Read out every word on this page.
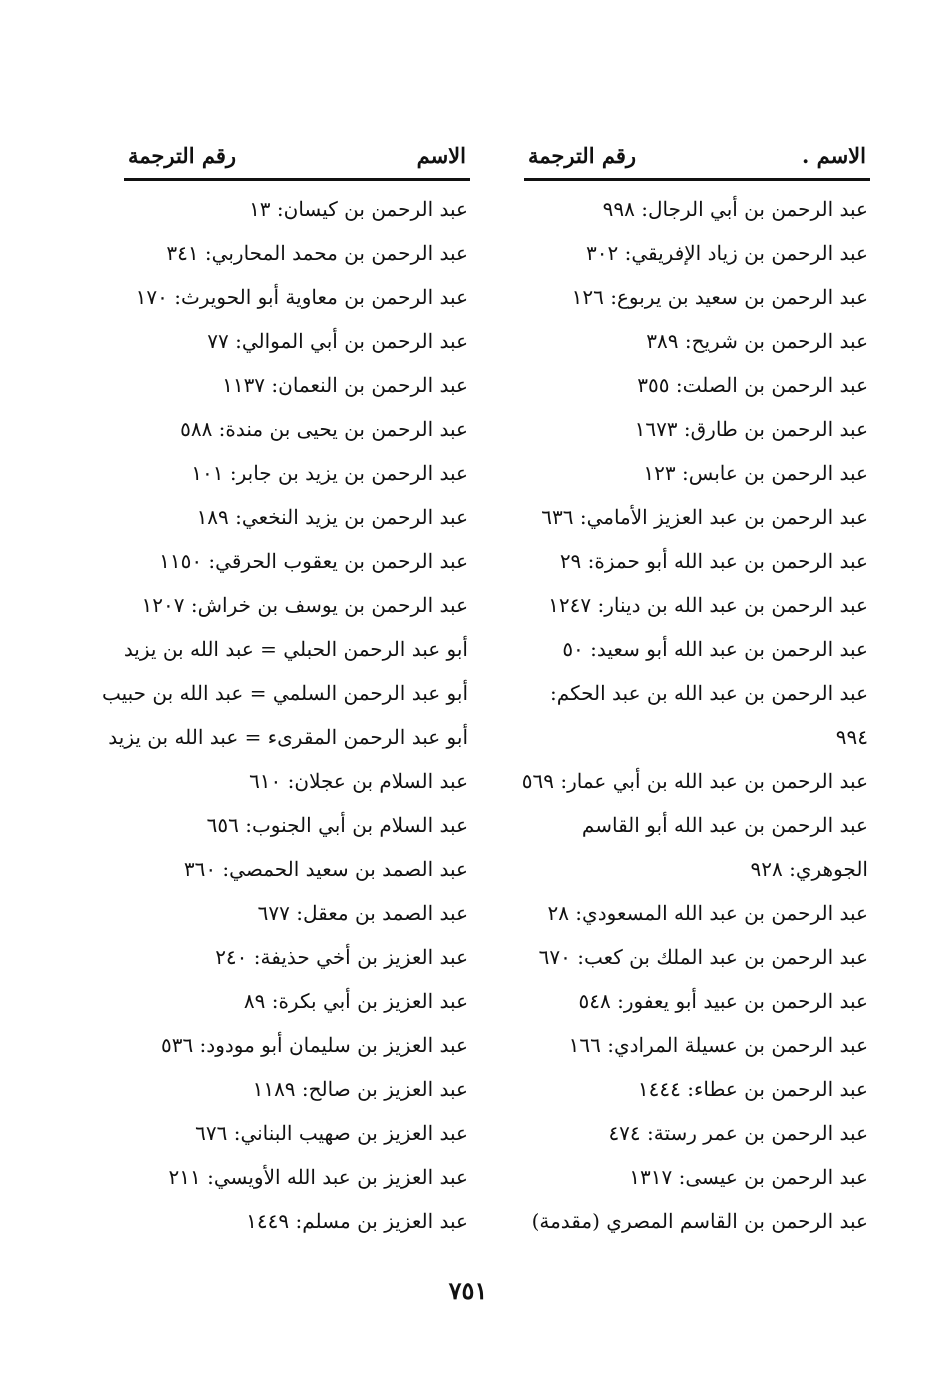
الاسم .
رقم الترجمة
عبد الرحمن بن أبي الرجال: ٩٩٨
عبد الرحمن بن زياد الإفريقي: ٣٠٢
عبد الرحمن بن سعيد بن يربوع: ١٢٦
عبد الرحمن بن شريح: ٣٨٩
عبد الرحمن بن الصلت: ٣٥٥
عبد الرحمن بن طارق: ١٦٧٣
عبد الرحمن بن عابس: ١٢٣
عبد الرحمن بن عبد العزيز الأمامي: ٦٣٦
عبد الرحمن بن عبد الله أبو حمزة: ٢٩
عبد الرحمن بن عبد الله بن دينار: ١٢٤٧
عبد الرحمن بن عبد الله أبو سعيد: ٥٠
عبد الرحمن بن عبد الله بن عبد الحكم: ٩٩٤
عبد الرحمن بن عبد الله بن أبي عمار: ٥٦٩
عبد الرحمن بن عبد الله أبو القاسم الجوهري: ٩٢٨
عبد الرحمن بن عبد الله المسعودي: ٢٨
عبد الرحمن بن عبد الملك بن كعب: ٦٧٠
عبد الرحمن بن عبيد أبو يعفور: ٥٤٨
عبد الرحمن بن عسيلة المرادي: ١٦٦
عبد الرحمن بن عطاء: ١٤٤٤
عبد الرحمن بن عمر رستة: ٤٧٤
عبد الرحمن بن عيسى: ١٣١٧
عبد الرحمن بن القاسم المصري (مقدمة)
الاسم
رقم الترجمة
عبد الرحمن بن كيسان: ١٣
عبد الرحمن بن محمد المحاربي: ٣٤١
عبد الرحمن بن معاوية أبو الحويرث: ١٧٠
عبد الرحمن بن أبي الموالي: ٧٧
عبد الرحمن بن النعمان: ١١٣٧
عبد الرحمن بن يحيى بن مندة: ٥٨٨
عبد الرحمن بن يزيد بن جابر: ١٠١
عبد الرحمن بن يزيد النخعي: ١٨٩
عبد الرحمن بن يعقوب الحرقي: ١١٥٠
عبد الرحمن بن يوسف بن خراش: ١٢٠٧
أبو عبد الرحمن الحبلي = عبد الله بن يزيد
أبو عبد الرحمن السلمي = عبد الله بن حبيب
أبو عبد الرحمن المقرىء = عبد الله بن يزيد
عبد السلام بن عجلان: ٦١٠
عبد السلام بن أبي الجنوب: ٦٥٦
عبد الصمد بن سعيد الحمصي: ٣٦٠
عبد الصمد بن معقل: ٦٧٧
عبد العزيز بن أخي حذيفة: ٢٤٠
عبد العزيز بن أبي بكرة: ٨٩
عبد العزيز بن سليمان أبو مودود: ٥٣٦
عبد العزيز بن صالح: ١١٨٩
عبد العزيز بن صهيب البناني: ٦٧٦
عبد العزيز بن عبد الله الأويسي: ٢١١
عبد العزيز بن مسلم: ١٤٤٩
٧٥١
